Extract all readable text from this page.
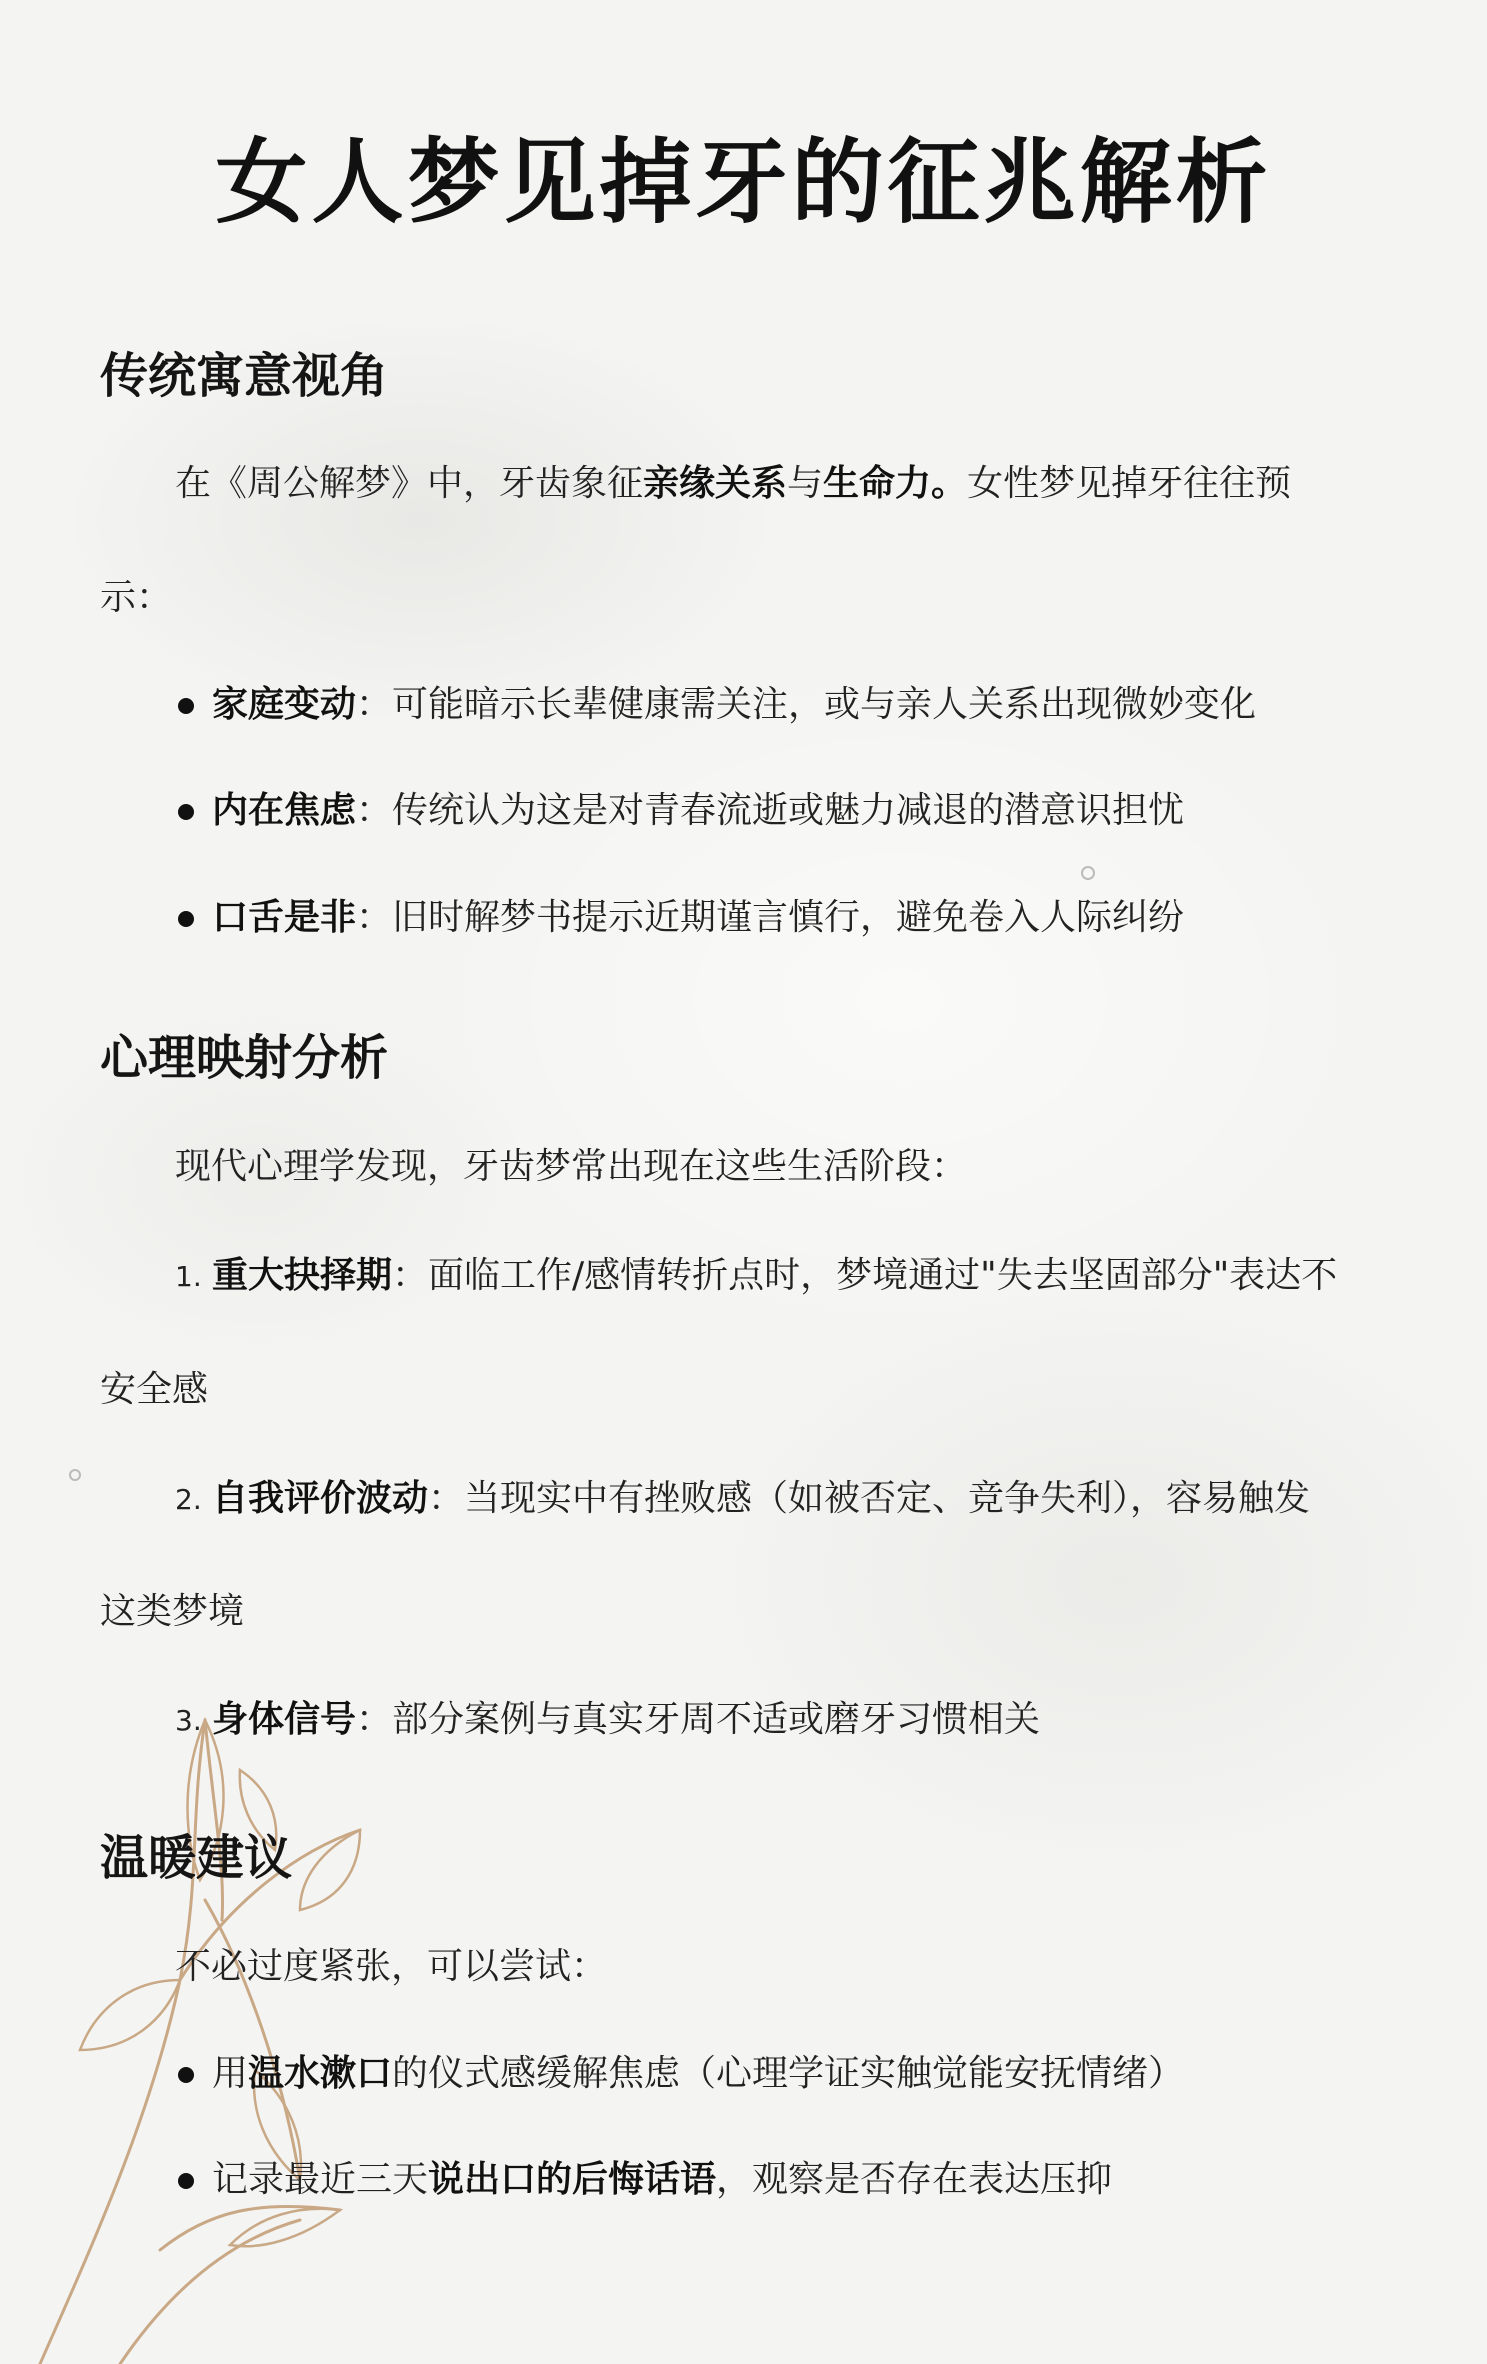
女人梦见掉牙的征兆解析
传统寓意视角
在《周公解梦》中，牙齿象征亲缘关系与生命力。女性梦见掉牙往往预
示：
家庭变动：可能暗示长辈健康需关注，或与亲人关系出现微妙变化
内在焦虑：传统认为这是对青春流逝或魅力减退的潜意识担忧
口舌是非：旧时解梦书提示近期谨言慎行，避免卷入人际纠纷
心理映射分析
现代心理学发现，牙齿梦常出现在这些生活阶段：
1. 重大抉择期：面临工作/感情转折点时，梦境通过"失去坚固部分"表达不
安全感
2. 自我评价波动：当现实中有挫败感（如被否定、竞争失利），容易触发
这类梦境
3. 身体信号：部分案例与真实牙周不适或磨牙习惯相关
温暖建议
不必过度紧张，可以尝试：
用温水漱口的仪式感缓解焦虑（心理学证实触觉能安抚情绪）
记录最近三天说出口的后悔话语，观察是否存在表达压抑
